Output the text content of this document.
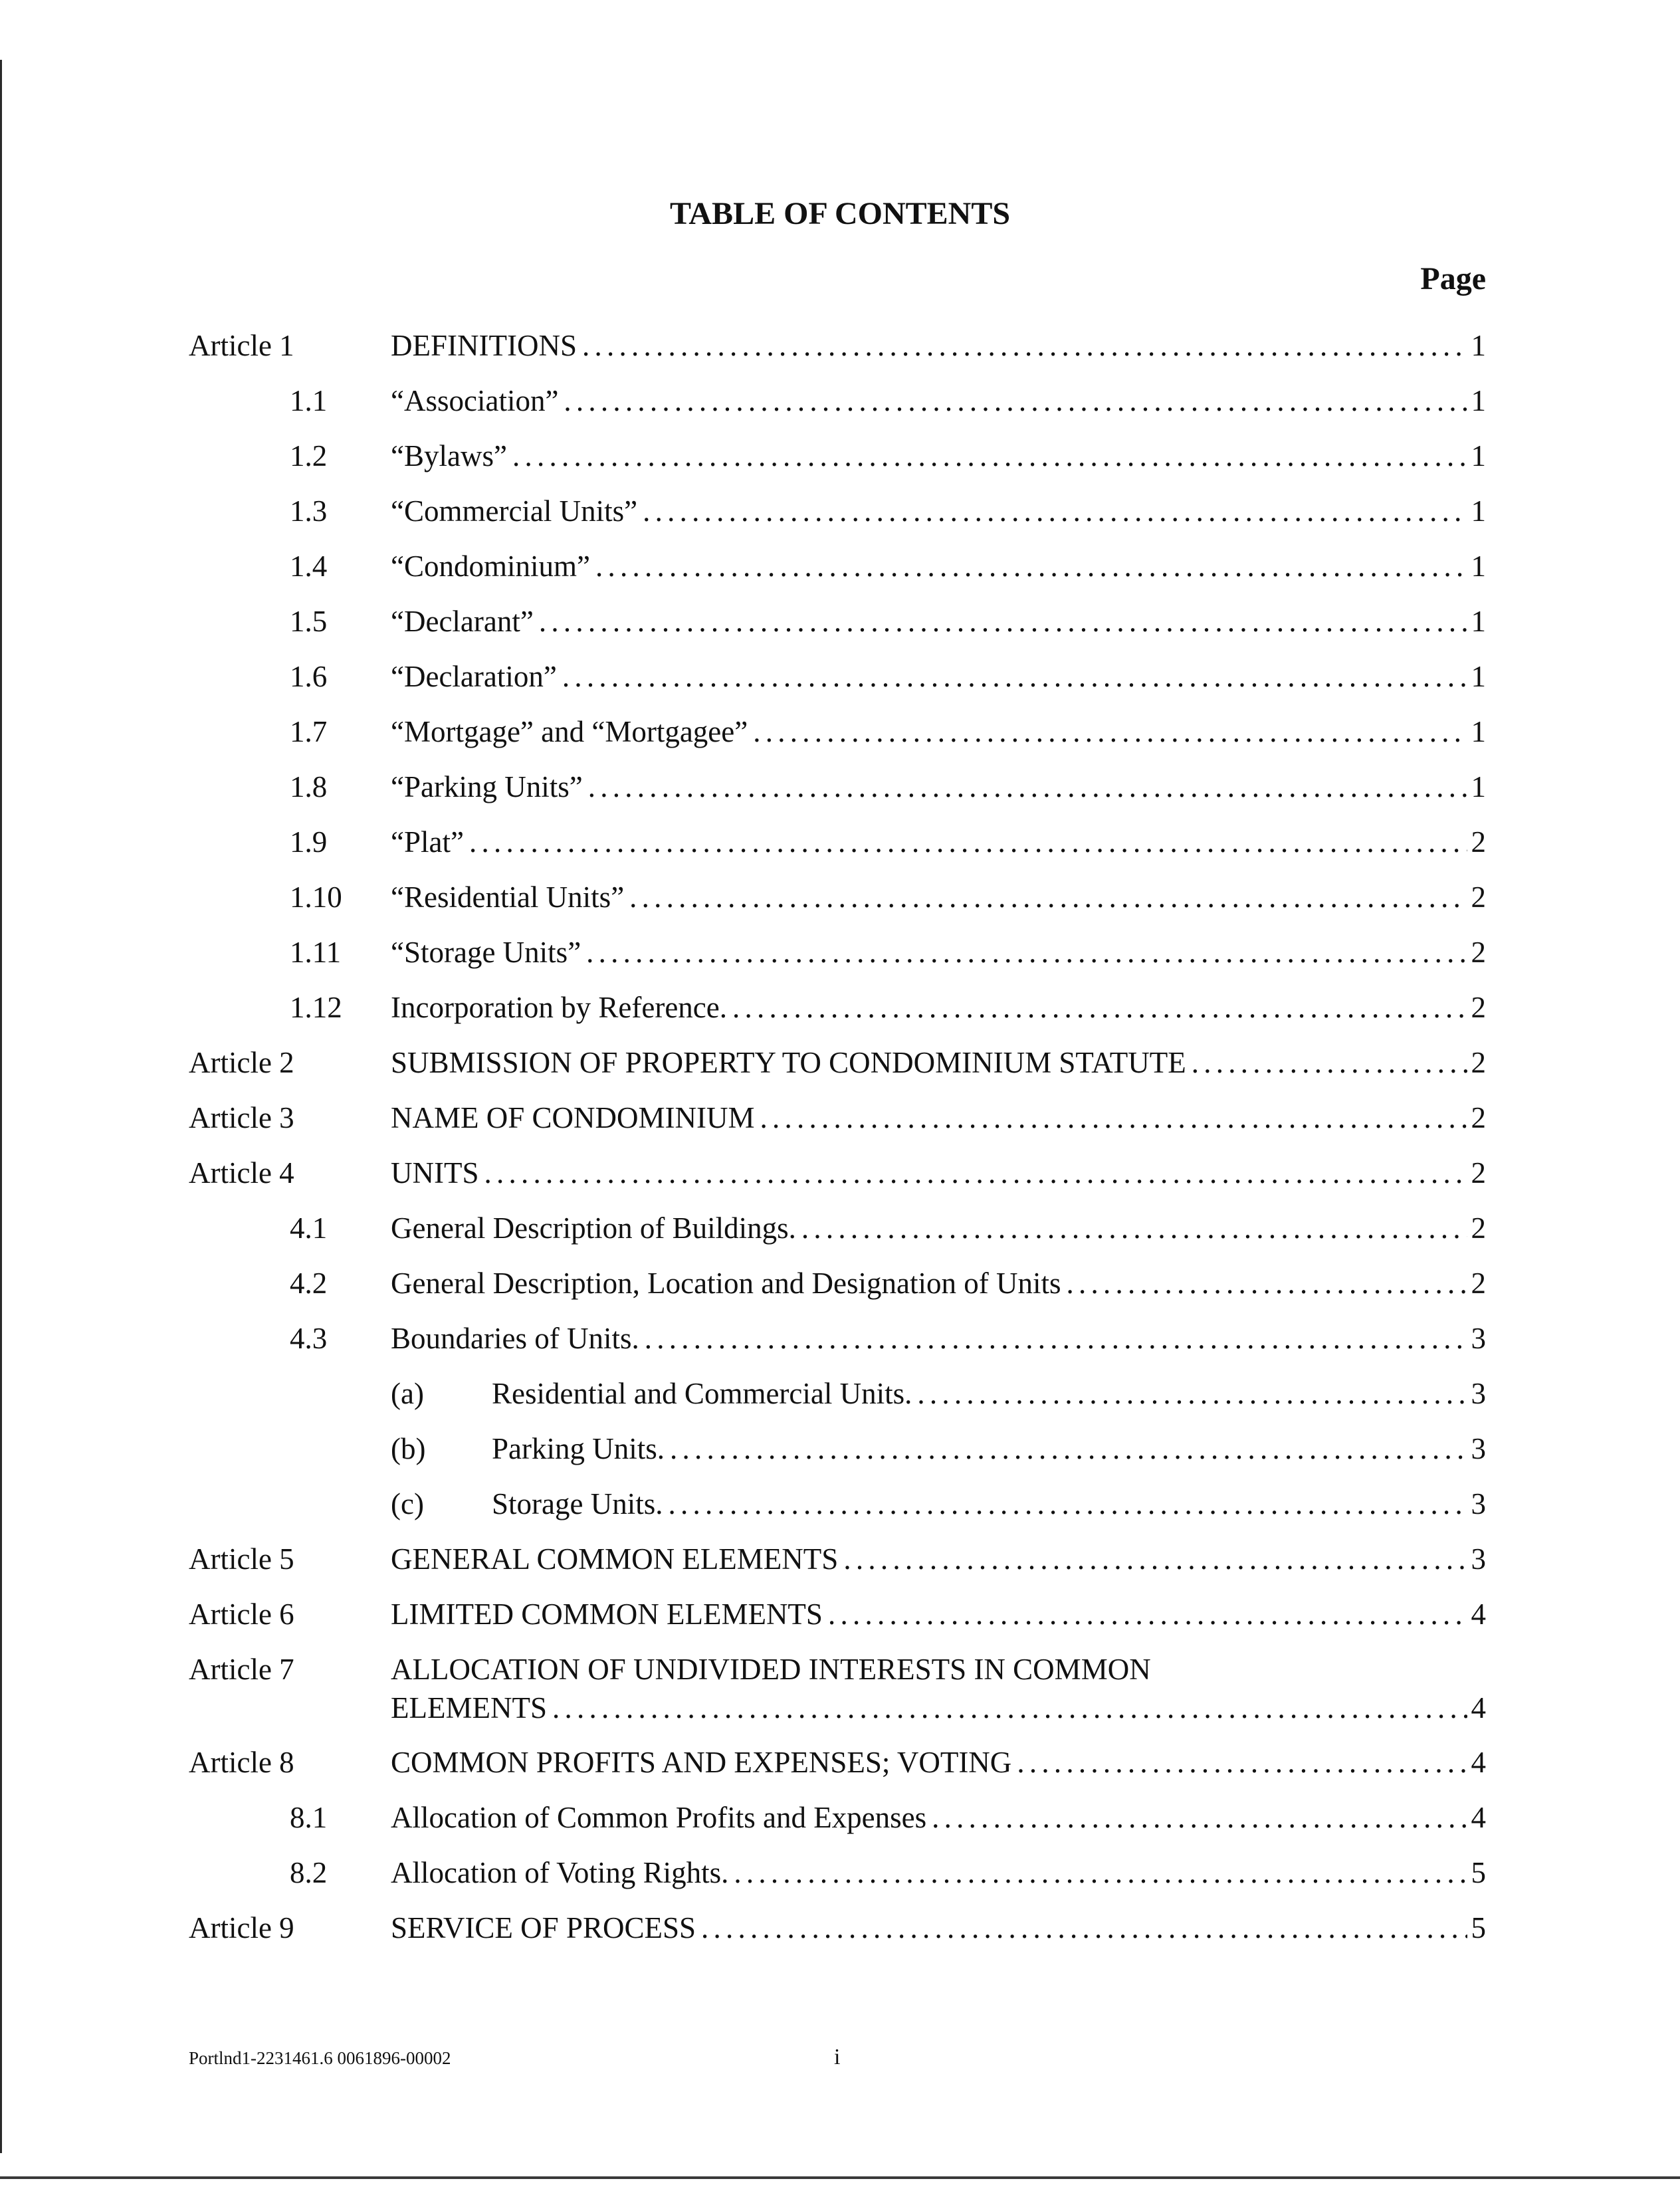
TABLE OF CONTENTS
Page
Article 1	DEFINITIONS . . .	1
1.1 “Association” . . .	1
1.2 “Bylaws” . . .	1
1.3 “Commercial Units” . . .	1
1.4 “Condominium” . . .	1
1.5 “Declarant” . . .	1
1.6 “Declaration” . . .	1
1.7 “Mortgage” and “Mortgagee” . . .	1
1.8 “Parking Units” . . .	1
1.9 “Plat” . . .	2
1.10 “Residential Units” . . .	2
1.11 “Storage Units” . . .	2
1.12 Incorporation by Reference. . . .	2
Article 2	SUBMISSION OF PROPERTY TO CONDOMINIUM STATUTE . . .	2
Article 3	NAME OF CONDOMINIUM . . .	2
Article 4	UNITS . . .	2
4.1 General Description of Buildings. . . .	2
4.2 General Description, Location and Designation of Units . . .	2
4.3 Boundaries of Units. . . .	3
(a) Residential and Commercial Units. . . .	3
(b) Parking Units. . . .	3
(c) Storage Units. . . .	3
Article 5	GENERAL COMMON ELEMENTS . . .	3
Article 6	LIMITED COMMON ELEMENTS . . .	4
Article 7	ALLOCATION OF UNDIVIDED INTERESTS IN COMMON
ELEMENTS . . .	4
Article 8	COMMON PROFITS AND EXPENSES; VOTING . . .	4
8.1 Allocation of Common Profits and Expenses . . .	4
8.2 Allocation of Voting Rights. . . .	5
Article 9	SERVICE OF PROCESS . . .	5
Portlnd1-2231461.6 0061896-00002	i
